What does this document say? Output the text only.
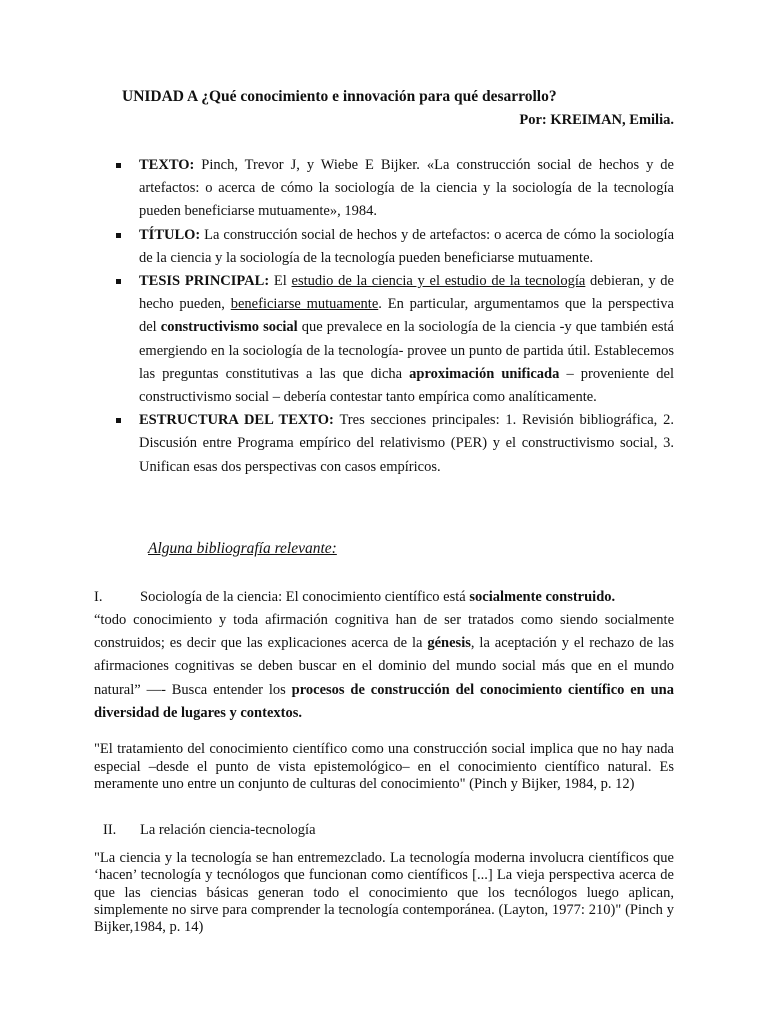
UNIDAD A ¿Qué conocimiento e innovación para qué desarrollo?
Por: KREIMAN, Emilia.
TEXTO: Pinch, Trevor J, y Wiebe E Bijker. «La construcción social de hechos y de artefactos: o acerca de cómo la sociología de la ciencia y la sociología de la tecnología pueden beneficiarse mutuamente», 1984.
TÍTULO: La construcción social de hechos y de artefactos: o acerca de cómo la sociología de la ciencia y la sociología de la tecnología pueden beneficiarse mutuamente.
TESIS PRINCIPAL: El estudio de la ciencia y el estudio de la tecnología debieran, y de hecho pueden, beneficiarse mutuamente. En particular, argumentamos que la perspectiva del constructivismo social que prevalece en la sociología de la ciencia -y que también está emergiendo en la sociología de la tecnología- provee un punto de partida útil. Establecemos las preguntas constitutivas a las que dicha aproximación unificada – proveniente del constructivismo social – debería contestar tanto empírica como analíticamente.
ESTRUCTURA DEL TEXTO: Tres secciones principales: 1. Revisión bibliográfica, 2. Discusión entre Programa empírico del relativismo (PER) y el constructivismo social, 3. Unifican esas dos perspectivas con casos empíricos.
Alguna bibliografía relevante:
I.	Sociología de la ciencia: El conocimiento científico está socialmente construido.

“todo conocimiento y toda afirmación cognitiva han de ser tratados como siendo socialmente construidos; es decir que las explicaciones acerca de la génesis, la aceptación y el rechazo de las afirmaciones cognitivas se deben buscar en el dominio del mundo social más que en el mundo natural” —- Busca entender los procesos de construcción del conocimiento científico en una diversidad de lugares y contextos.

"El tratamiento del conocimiento científico como una construcción social implica que no hay nada especial –desde el punto de vista epistemológico– en el conocimiento científico natural. Es meramente uno entre un conjunto de culturas del conocimiento" (Pinch y Bijker, 1984, p. 12)

II. La relación ciencia-tecnología

"La ciencia y la tecnología se han entremezclado. La tecnología moderna involucra científicos que ‘hacen’ tecnología y tecnólogos que funcionan como científicos [...] La vieja perspectiva acerca de que las ciencias básicas generan todo el conocimiento que los tecnólogos luego aplican, simplemente no sirve para comprender la tecnología contemporánea. (Layton, 1977: 210)" (Pinch y Bijker,1984, p. 14)
